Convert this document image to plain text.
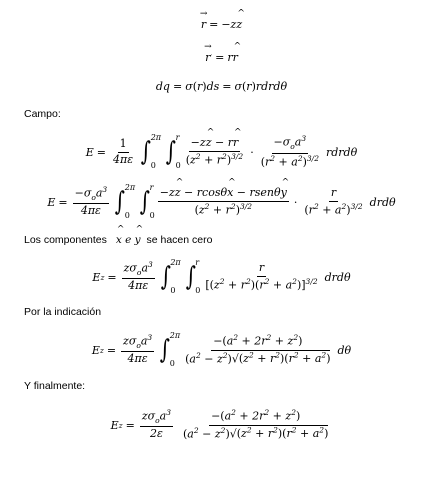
→
r = −z
^
z
→
r ′ = r
^
r
dq = σ ( r ) ds = σ ( r ) rdrdθ
Campo:
$E = \frac{1}{4\pi\varepsilon}$ ∫ 2π
0 ∫ r
0 −z
^
z − r
^
r
$(z^2 + r^2)^{3/2} \cdot \frac{-\sigma_oa^3}{(r^2 + a^2)^{3/2}}$ rdrdθ
$E = \frac{-\sigma_oa^3}{4\pi\varepsilon}$ ∫ 2π
0 ∫ r
0 −z
^
z − rcosθ
^
x − rsenθ
^
y
$(z^2 + r^2)^{3/2} \cdot \frac{r}{(r^2 + a^2)^{3/2}}$ drdθ
Los componentes
^
x e
^
y se hacen cero
E $z = \frac{z\sigma_oa^3}{4\pi\varepsilon}$ ∫ 2π
0 ∫ r
$0 \frac{r}{[(z^2 + r^2)(r^2 + a^2)]^{3/2}}$ drdθ
Por la indicación
E $z = \frac{z\sigma_oa^3}{4\pi\varepsilon}$ ∫ 2π
$0 \frac{-(a^2 + 2r^2 + z^2)}{(a^2 - z^2)√(z^2 + r^2)(r^2 + a^2)}$ dθ
Y finalmente:
E $z = \frac{z\sigma_oa^3}{2\varepsilon} \frac{-(a^2 + 2r^2 + z^2)}{(a^2 - z^2)√(z^2 + r^2)(r^2 + a^2)}$
